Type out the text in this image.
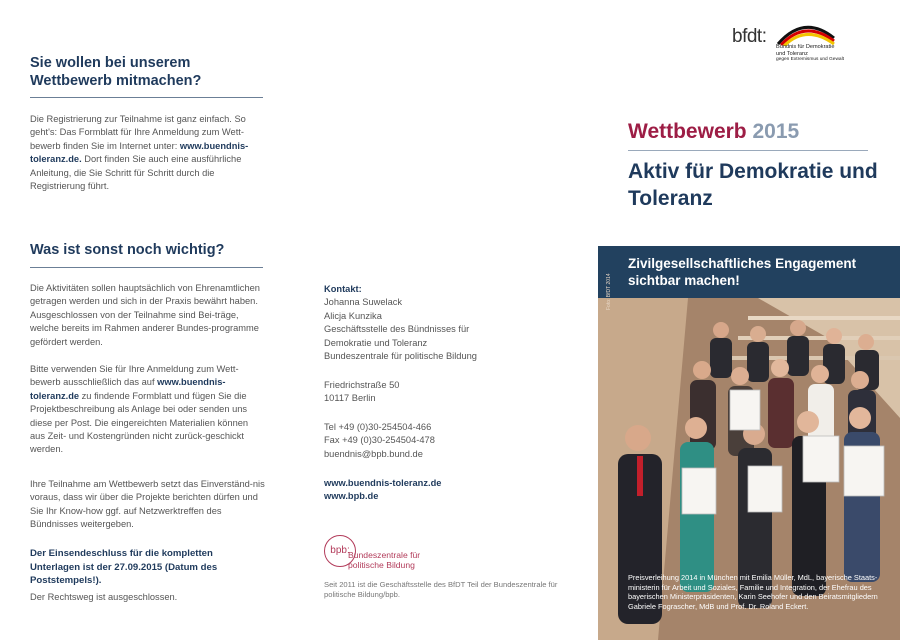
Sie wollen bei unserem Wettbewerb mitmachen?

Die Registrierung zur Teilnahme ist ganz einfach. So geht's: Das Formblatt für Ihre Anmeldung zum Wett-bewerb finden Sie im Internet unter: www.buendnis-toleranz.de. Dort finden Sie auch eine ausführliche Anleitung, die Sie Schritt für Schritt durch die Registrierung führt.

Was ist sonst noch wichtig?

Die Aktivitäten sollen hauptsächlich von Ehrenamtlichen getragen werden und sich in der Praxis bewährt haben. Ausgeschlossen von der Teilnahme sind Bei-träge, welche bereits im Rahmen anderer Bundes-programme gefördert werden.

Bitte verwenden Sie für Ihre Anmeldung zum Wett-bewerb ausschließlich das auf www.buendnis-toleranz.de zu findende Formblatt und fügen Sie die Projektbeschreibung als Anlage bei oder senden uns diese per Post. Die eingereichten Materialien können aus Zeit- und Kostengründen nicht zurück-geschickt werden.

Ihre Teilnahme am Wettbewerb setzt das Einverständ-nis voraus, dass wir über die Projekte berichten dürfen und Sie Ihr Know-how ggf. auf Netzwerktreffen des Bündnisses weitergeben.

Der Einsendeschluss für die kompletten Unterlagen ist der 27.09.2015 (Datum des Poststempels!).

Der Rechtsweg ist ausgeschlossen.

Kontakt:
Johanna Suwelack
Alicja Kunzika
Geschäftsstelle des Bündnisses für
Demokratie und Toleranz
Bundeszentrale für politische Bildung
Friedrichstraße 50
10117 Berlin
Tel +49 (0)30-254504-466
Fax +49 (0)30-254504-478
buendnis@bpb.bund.de
www.buendnis-toleranz.de
www.bpb.de
bpb:
Bundeszentrale für politische Bildung
Seit 2011 ist die Geschäftsstelle des BfDT Teil der Bundeszentrale für politische Bildung/bpb.
bfdt: Bündnis für Demokratie
und Toleranz
gegen Extremismus und Gewalt
Wettbewerb 2015
Aktiv für Demokratie und Toleranz
Zivilgesellschaftliches Engagement sichtbar machen!
Foto: BfDT 2014
Preisverleihung 2014 in München mit Emilia Müller, MdL, bayerische Staats-ministerin für Arbeit und Soziales, Familie und Integration, der Ehefrau des bayerischen Ministerpräsidenten, Karin Seehofer und den Beiratsmitgliedern Gabriele Fograscher, MdB und Prof. Dr. Roland Eckert.
